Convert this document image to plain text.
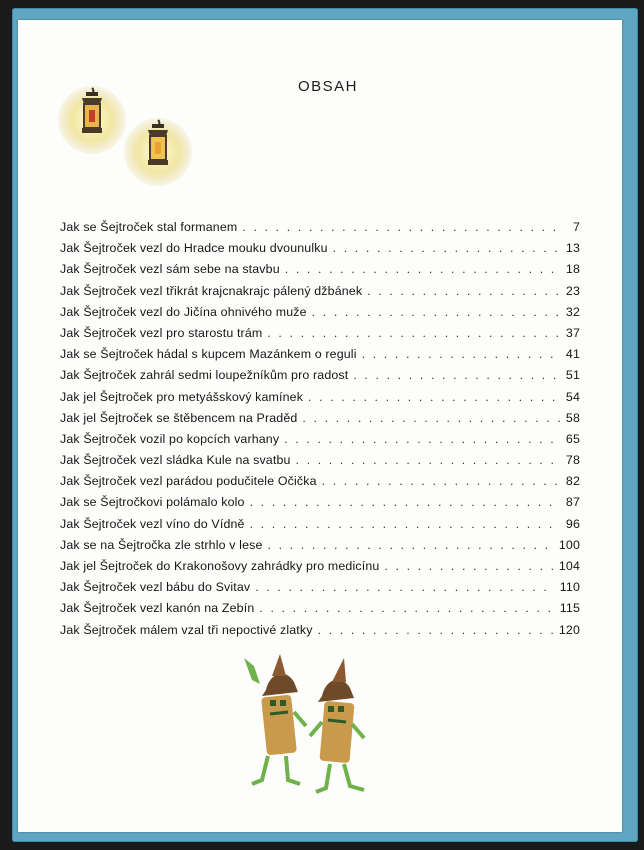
OBSAH
Jak se Šejtroček stal formanem . . .	7
Jak Šejtroček vezl do Hradce mouku dvounulku . . .	13
Jak Šejtroček vezl sám sebe na stavbu . . .	18
Jak Šejtroček vezl třikrát krajcnakrajc pálený džbánek . . .	23
Jak Šejtroček vezl do Jičína ohnivého muže . . .	32
Jak Šejtroček vezl pro starostu trám . . .	37
Jak se Šejtroček hádal s kupcem Mazánkem o reguli . . .	41
Jak Šejtroček zahrál sedmi loupežníkům pro radost . . .	51
Jak jel Šejtroček pro metyášskový kamínek . . .	54
Jak jel Šejtroček se štěbencem na Praděd . . .	58
Jak Šejtroček vozil po kopcích varhany . . .	65
Jak Šejtroček vezl sládka Kule na svatbu . . .	78
Jak Šejtroček vezl parádou podučitele Očička . . .	82
Jak se Šejtročkovi polámalo kolo . . .	87
Jak Šejtroček vezl víno do Vídně . . .	96
Jak se na Šejtročka zle strhlo v lese . . .	100
Jak jel Šejtroček do Krakonošovy zahrádky pro medicínu . . .	104
Jak Šejtroček vezl bábu do Svitav . . .	110
Jak Šejtroček vezl kanón na Zebín . . .	115
Jak Šejtroček málem vzal tři nepoctivé zlatky . . .	120
